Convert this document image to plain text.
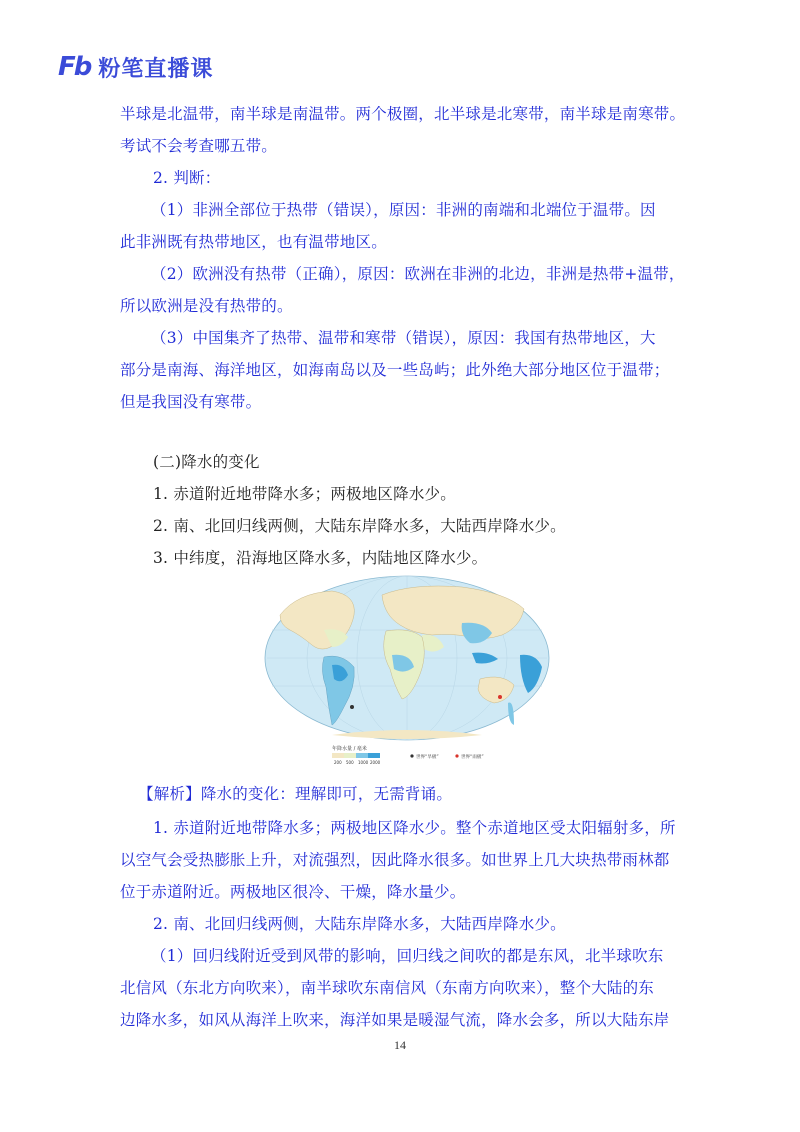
Fb 粉笔直播课
半球是北温带，南半球是南温带。两个极圈，北半球是北寒带，南半球是南寒带。
考试不会考查哪五带。
2. 判断：
（1）非洲全部位于热带（错误），原因：非洲的南端和北端位于温带。因
此非洲既有热带地区，也有温带地区。
（2）欧洲没有热带（正确），原因：欧洲在非洲的北边，非洲是热带+温带，
所以欧洲是没有热带的。
（3）中国集齐了热带、温带和寒带（错误），原因：我国有热带地区，大
部分是南海、海洋地区，如海南岛以及一些岛屿；此外绝大部分地区位于温带；
但是我国没有寒带。
(二)降水的变化
1. 赤道附近地带降水多；两极地区降水少。
2. 南、北回归线两侧，大陆东岸降水多，大陆西岸降水少。
3. 中纬度，沿海地区降水多，内陆地区降水少。
年降水量 / 毫米
200 500 1000 2000
世界“旱极”	世界“雨极”
【解析】降水的变化：理解即可，无需背诵。
1. 赤道附近地带降水多；两极地区降水少。整个赤道地区受太阳辐射多，所
以空气会受热膨胀上升，对流强烈，因此降水很多。如世界上几大块热带雨林都
位于赤道附近。两极地区很冷、干燥，降水量少。
2. 南、北回归线两侧，大陆东岸降水多，大陆西岸降水少。
（1）回归线附近受到风带的影响，回归线之间吹的都是东风，北半球吹东
北信风（东北方向吹来），南半球吹东南信风（东南方向吹来），整个大陆的东
边降水多，如风从海洋上吹来，海洋如果是暖湿气流，降水会多，所以大陆东岸
14
